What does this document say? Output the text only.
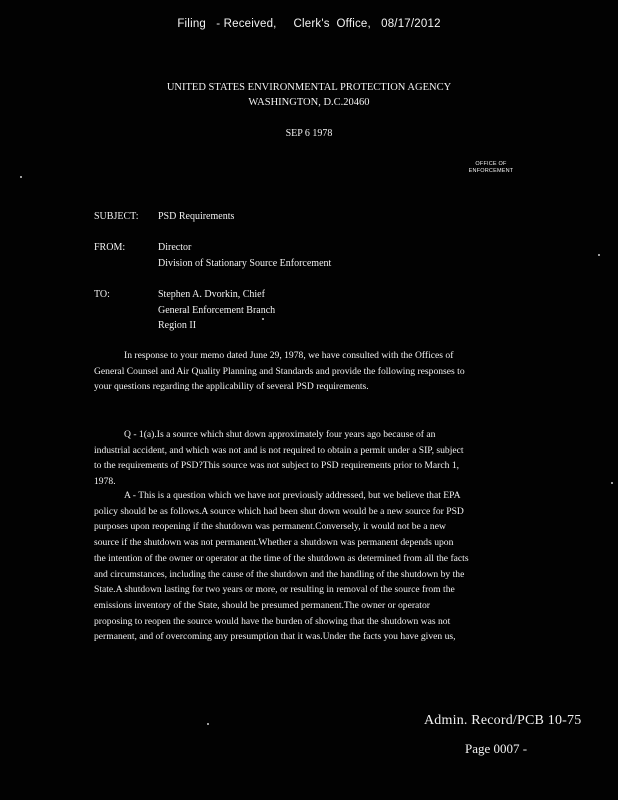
Filing   - Received,     Clerk's  Office,   08/17/2012
UNITED STATES ENVIRONMENTAL PROTECTION AGENCY
WASHINGTON, D.C.20460
SEP 6 1978
OFFICE OF
ENFORCEMENT
SUBJECT: PSD Requirements
FROM:	Director
Division of Stationary Source Enforcement
TO:	Stephen A. Dvorkin, Chief
General Enforcement Branch
Region II
In response to your memo dated June 29, 1978, we have consulted with the Offices of
General Counsel and Air Quality Planning and Standards and provide the following responses to
your questions regarding the applicability of several PSD requirements.
Q - 1(a).Is a source which shut down approximately four years ago because of an
industrial accident, and which was not and is not required to obtain a permit under a SIP, subject
to the requirements of PSD?This source was not subject to PSD requirements prior to March 1,
1978.
A - This is a question which we have not previously addressed, but we believe that EPA
policy should be as follows.A source which had been shut down would be a new source for PSD
purposes upon reopening if the shutdown was permanent.Conversely, it would not be a new
source if the shutdown was not permanent.Whether a shutdown was permanent depends upon
the intention of the owner or operator at the time of the shutdown as determined from all the facts
and circumstances, including the cause of the shutdown and the handling of the shutdown by the
State.A shutdown lasting for two years or more, or resulting in removal of the source from the
emissions inventory of the State, should be presumed permanent.The owner or operator
proposing to reopen the source would have the burden of showing that the shutdown was not
permanent, and of overcoming any presumption that it was.Under the facts you have given us,
Admin. Record/PCB 10-75
Page 0007 -
